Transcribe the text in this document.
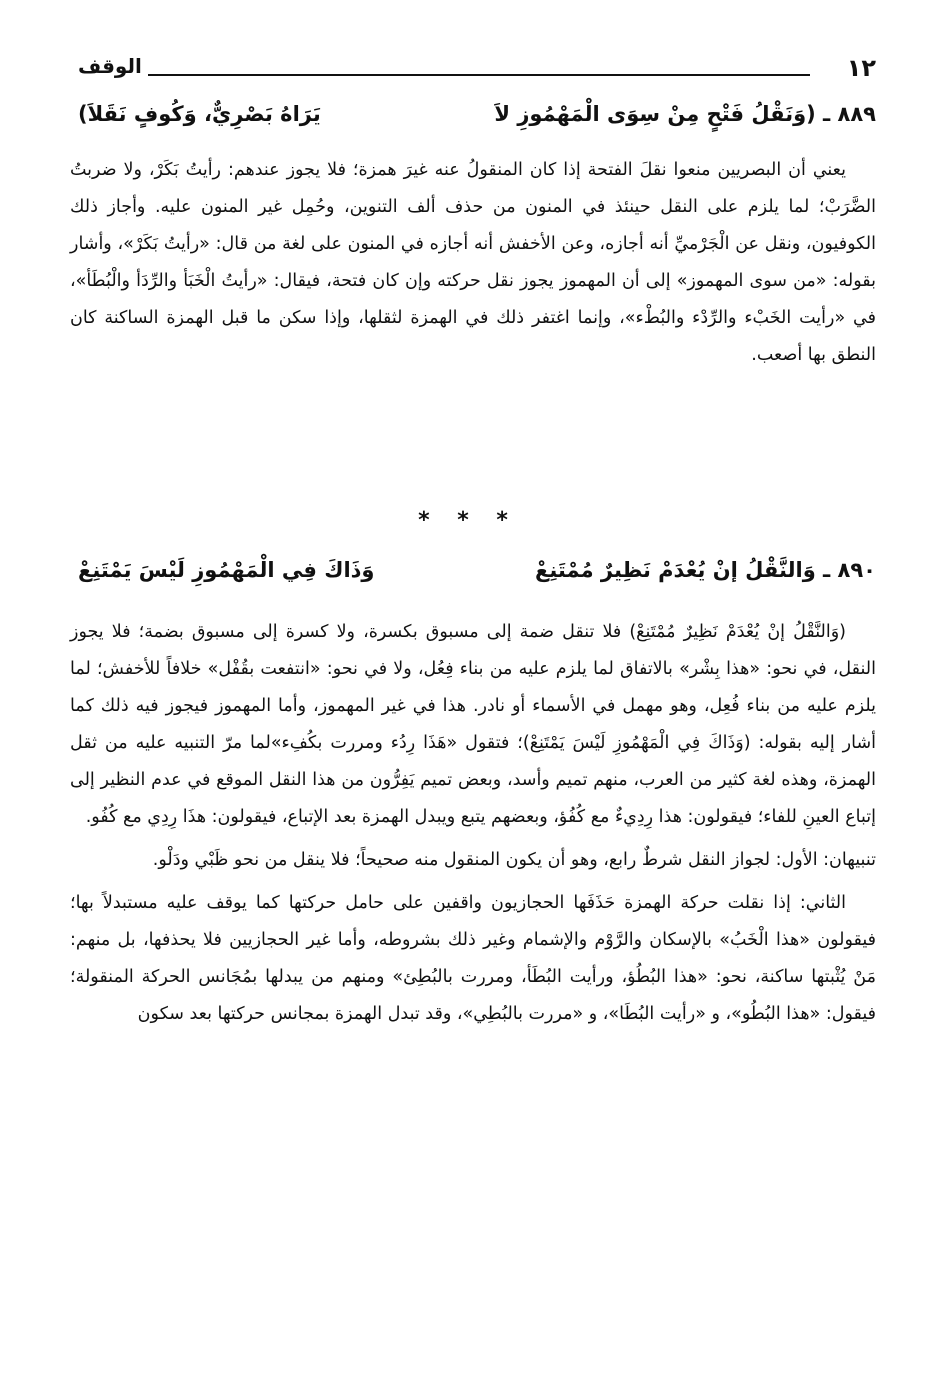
١٢
الوقف
٨٨٩ ـ (وَنَقْلُ فَتْحٍ مِنْ سِوَى الْمَهْمُوزِ لاَ
يَرَاهُ بَصْرِيٌّ، وَكُوفٍ نَقَلاَ)

يعني أن البصريين منعوا نقلَ الفتحة إذا كان المنقولُ عنه غيرَ همزة؛ فلا يجوز عندهم: رأيتُ بَكَرْ، ولا ضربتُ الضَّرَبْ؛ لما يلزم على النقل حينئذ في المنون من حذف ألف التنوين، وحُمِل غير المنون عليه. وأجاز ذلك الكوفيون، ونقل عن الْجَرْميِّ أنه أجازه، وعن الأخفش أنه أجازه في المنون على لغة من قال: «رأيتُ بَكَرْ»، وأشار بقوله: «من سوى المهموز» إلى أن المهموز يجوز نقل حركته وإن كان فتحة، فيقال: «رأيتُ الْخَبَأ والرِّدَأ والْبُطَأ»، في «رأيت الخَبْء والرِّدْء والبُطْء»، وإنما اغتفر ذلك في الهمزة لثقلها، وإذا سكن ما قبل الهمزة الساكنة كان النطق بها أصعب.

* * *
٨٩٠ ـ وَالنَّقْلُ إنْ يُعْدَمْ نَظِيرٌ مُمْتَنِعْ
وَذَاكَ فِي الْمَهْمُوزِ لَيْسَ يَمْتَنِعْ

(وَالنَّقْلُ إنْ يُعْدَمْ نَظِيرٌ مُمْتَنِعْ) فلا تنقل ضمة إلى مسبوق بكسرة، ولا كسرة إلى مسبوق بضمة؛ فلا يجوز النقل، في نحو: «هذا بِشْر» بالاتفاق لما يلزم عليه من بناء فِعُل، ولا في نحو: «انتفعت بقُفْل» خلافاً للأخفش؛ لما يلزم عليه من بناء فُعِل، وهو مهمل في الأسماء أو نادر. هذا في غير المهموز، وأما المهموز فيجوز فيه ذلك كما أشار إليه بقوله: (وَذَاكَ فِي الْمَهْمُوزِ لَيْسَ يَمْتَنِعْ)؛ فتقول «هَذَا رِدُء ومررت بكُفِء»لما مرّ التنبيه عليه من ثقل الهمزة، وهذه لغة كثير من العرب، منهم تميم وأسد، وبعض تميم يَفِرُّون من هذا النقل الموقع في عدم النظير إلى إتباع العينِ للفاء؛ فيقولون: هذا رِدِيءٌ مع كُفُؤ، وبعضهم يتبع ويبدل الهمزة بعد الإتباع، فيقولون: هذَا رِدِي مع كُفُو.

تنبيهان: الأول: لجواز النقل شرطٌ رابع، وهو أن يكون المنقول منه صحيحاً؛ فلا ينقل من نحو ظَبْي ودَلْو.

الثاني: إذا نقلت حركة الهمزة حَذَفَها الحجازيون واقفين على حامل حركتها كما يوقف عليه مستبدلاً بها؛ فيقولون «هذا الْخَبُ» بالإسكان والرَّوْم والإشمام وغير ذلك بشروطه، وأما غير الحجازيين فلا يحذفها، بل منهم: مَنْ يُثْبتها ساكنة، نحو: «هذا البُطُؤ، ورأيت البُطَأ، ومررت بالبُطِئ» ومنهم من يبدلها بمُجَانس الحركة المنقولة؛ فيقول: «هذا البُطُو»، و «رأيت البُطَا»، و «مررت بالبُطِي»، وقد تبدل الهمزة بمجانس حركتها بعد سكون
